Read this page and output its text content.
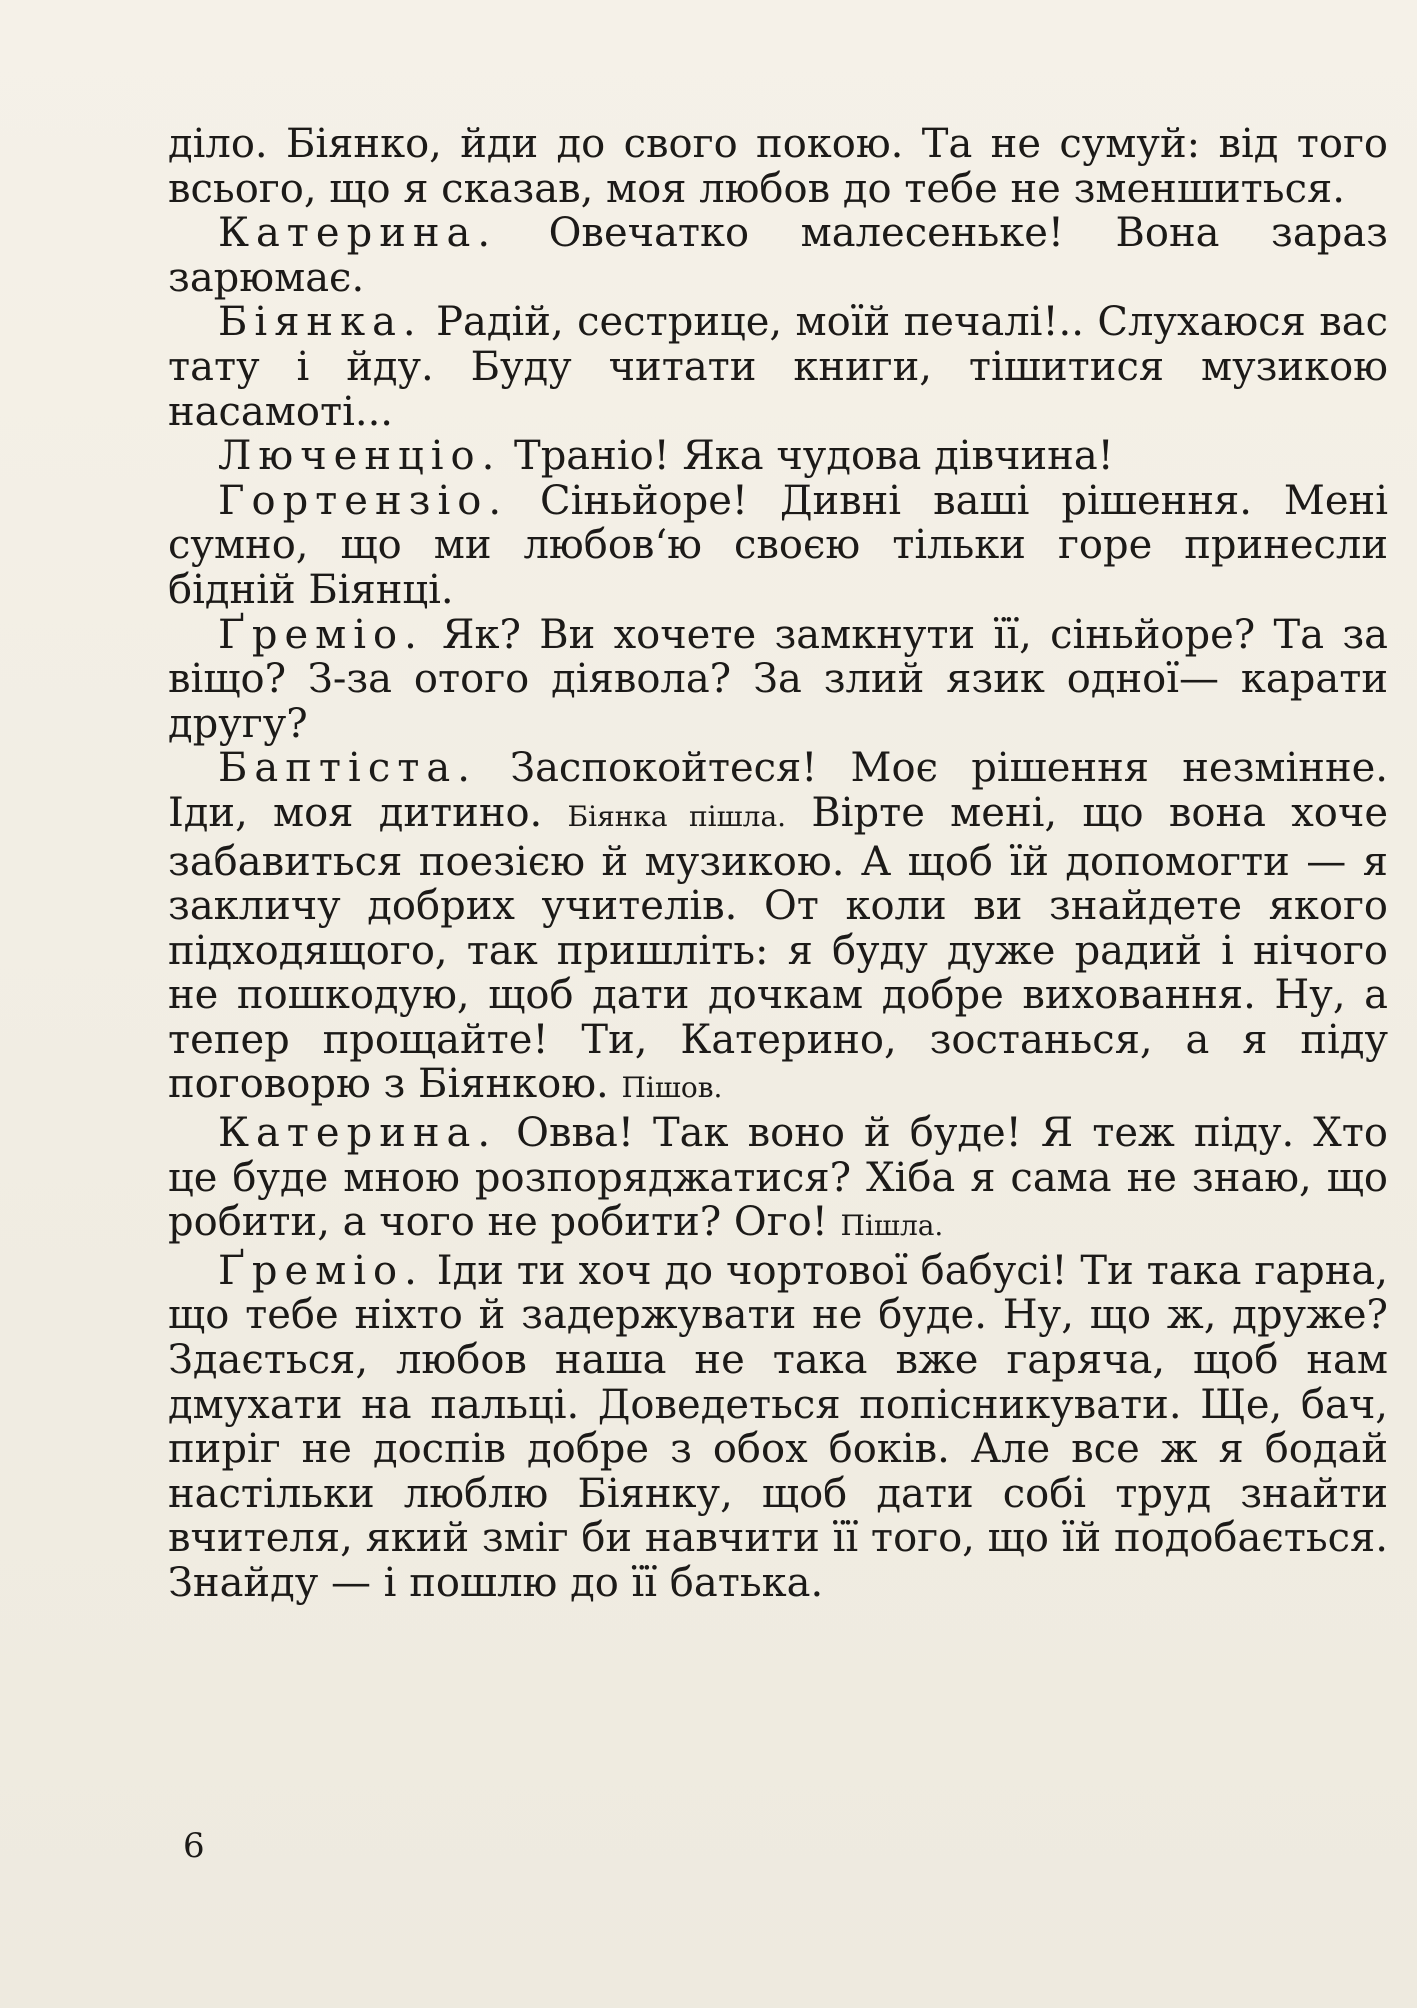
діло. Біянко, йди до свого покою. Та не сумуй: від того всього, що я сказав, моя любов до тебе не зменшиться.

Катерина. Овечатко малесеньке! Вона зараз зарюмає.

Біянка. Радій, сестрице, моїй печалі!.. Слухаюся вас тату і йду. Буду читати книги, тішитися музикою насамоті...

Люченціо. Траніо! Яка чудова дівчина!

Гортензіо. Сіньйоре! Дивні ваші рішення. Мені сумно, що ми любов‘ю своєю тільки горе принесли бідній Біянці.

Ґреміо. Як? Ви хочете замкнути її, сіньйоре? Та за віщо? З-за отого діявола? За злий язик одної— карати другу?

Баптіста. Заспокойтеся! Моє рішення незмінне. Іди, моя дитино. Біянка пішла. Вірте мені, що вона хоче забавиться поезією й музикою. А щоб їй допомогти — я закличу добрих учителів. От коли ви знайдете якого підходящого, так пришліть: я буду дуже радий і нічого не пошкодую, щоб дати дочкам добре виховання. Ну, а тепер прощайте! Ти, Катерино, зостанься, а я піду поговорю з Біянкою. Пішов.

Катерина. Овва! Так воно й буде! Я теж піду. Хто це буде мною розпоряджатися? Хіба я сама не знаю, що робити, а чого не робити? Ого! Пішла.

Ґреміо. Іди ти хоч до чортової бабусі! Ти така гарна, що тебе ніхто й задержувати не буде. Ну, що ж, друже? Здається, любов наша не така вже гаряча, щоб нам дмухати на пальці. Доведеться попісникувати. Ще, бач, пиріг не доспів добре з обох боків. Але все ж я бодай настільки люблю Біянку, щоб дати собі труд знайти вчителя, який зміг би навчити її того, що їй подобається. Знайду — і пошлю до її батька.

6
